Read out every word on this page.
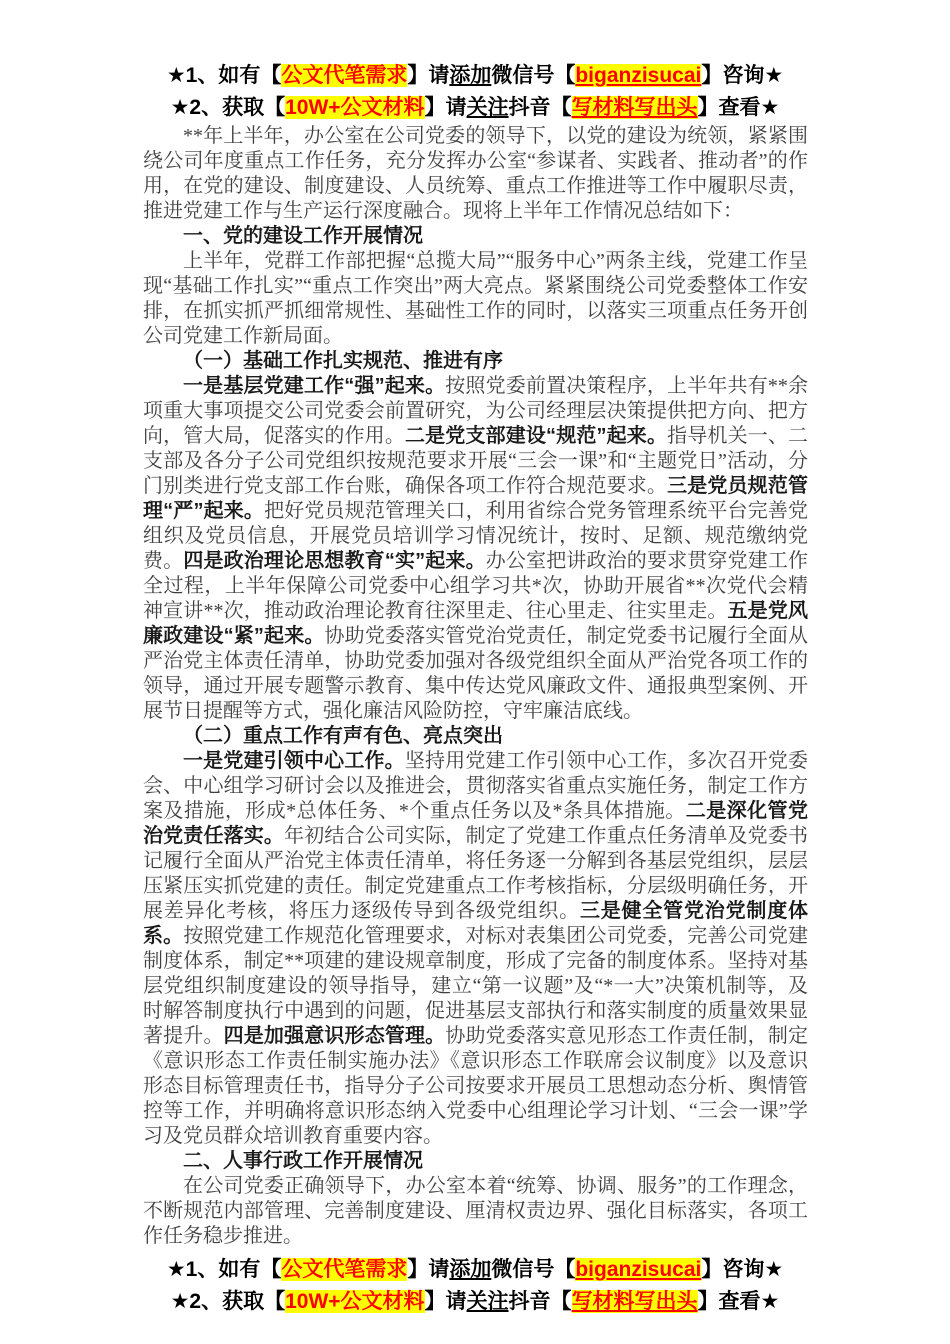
★1、如有【公文代笔需求】请添加微信号【biganzisucai】咨询★
★2、获取【10W+公文材料】请关注抖音【写材料写出头】查看★

**年上半年，办公室在公司党委的领导下，以党的建设为统领，紧紧围绕公司年度重点工作任务，充分发挥办公室“参谋者、实践者、推动者”的作用，在党的建设、制度建设、人员统筹、重点工作推进等工作中履职尽责，推进党建工作与生产运行深度融合。现将上半年工作情况总结如下：

一、党的建设工作开展情况

上半年，党群工作部把握“总揽大局”“服务中心”两条主线，党建工作呈现“基础工作扎实”“重点工作突出”两大亮点。紧紧围绕公司党委整体工作安排，在抓实抓严抓细常规性、基础性工作的同时，以落实三项重点任务开创公司党建工作新局面。

（一）基础工作扎实规范、推进有序

一是基层党建工作“强”起来。按照党委前置决策程序，上半年共有**余项重大事项提交公司党委会前置研究，为公司经理层决策提供把方向、把方向，管大局，促落实的作用。二是党支部建设“规范”起来。指导机关一、二支部及各分子公司党组织按规范要求开展“三会一课”和“主题党日”活动，分门别类进行党支部工作台账，确保各项工作符合规范要求。三是党员规范管理“严”起来。把好党员规范管理关口，利用省综合党务管理系统平台完善党组织及党员信息，开展党员培训学习情况统计，按时、足额、规范缴纳党费。四是政治理论思想教育“实”起来。办公室把讲政治的要求贯穿党建工作全过程，上半年保障公司党委中心组学习共*次，协助开展省**次党代会精神宣讲**次，推动政治理论教育往深里走、往心里走、往实里走。五是党风廉政建设“紧”起来。协助党委落实管党治党责任，制定党委书记履行全面从严治党主体责任清单，协助党委加强对各级党组织全面从严治党各项工作的领导，通过开展专题警示教育、集中传达党风廉政文件、通报典型案例、开展节日提醒等方式，强化廉洁风险防控，守牢廉洁底线。

（二）重点工作有声有色、亮点突出

一是党建引领中心工作。坚持用党建工作引领中心工作，多次召开党委会、中心组学习研讨会以及推进会，贯彻落实省重点实施任务，制定工作方案及措施，形成*总体任务、*个重点任务以及*条具体措施。二是深化管党治党责任落实。年初结合公司实际，制定了党建工作重点任务清单及党委书记履行全面从严治党主体责任清单，将任务逐一分解到各基层党组织，层层压紧压实抓党建的责任。制定党建重点工作考核指标，分层级明确任务，开展差异化考核，将压力逐级传导到各级党组织。三是健全管党治党制度体系。按照党建工作规范化管理要求，对标对表集团公司党委，完善公司党建制度体系，制定**项建的建设规章制度，形成了完备的制度体系。坚持对基层党组织制度建设的领导指导，建立“第一议题”及“*一大”决策机制等，及时解答制度执行中遇到的问题，促进基层支部执行和落实制度的质量效果显著提升。四是加强意识形态管理。协助党委落实意见形态工作责任制，制定《意识形态工作责任制实施办法》《意识形态工作联席会议制度》以及意识形态目标管理责任书，指导分子公司按要求开展员工思想动态分析、舆情管控等工作，并明确将意识形态纳入党委中心组理论学习计划、“三会一课”学习及党员群众培训教育重要内容。

二、人事行政工作开展情况

在公司党委正确领导下，办公室本着“统筹、协调、服务”的工作理念，不断规范内部管理、完善制度建设、厘清权责边界、强化目标落实，各项工作任务稳步推进。

★1、如有【公文代笔需求】请添加微信号【biganzisucai】咨询★
★2、获取【10W+公文材料】请关注抖音【写材料写出头】查看★
